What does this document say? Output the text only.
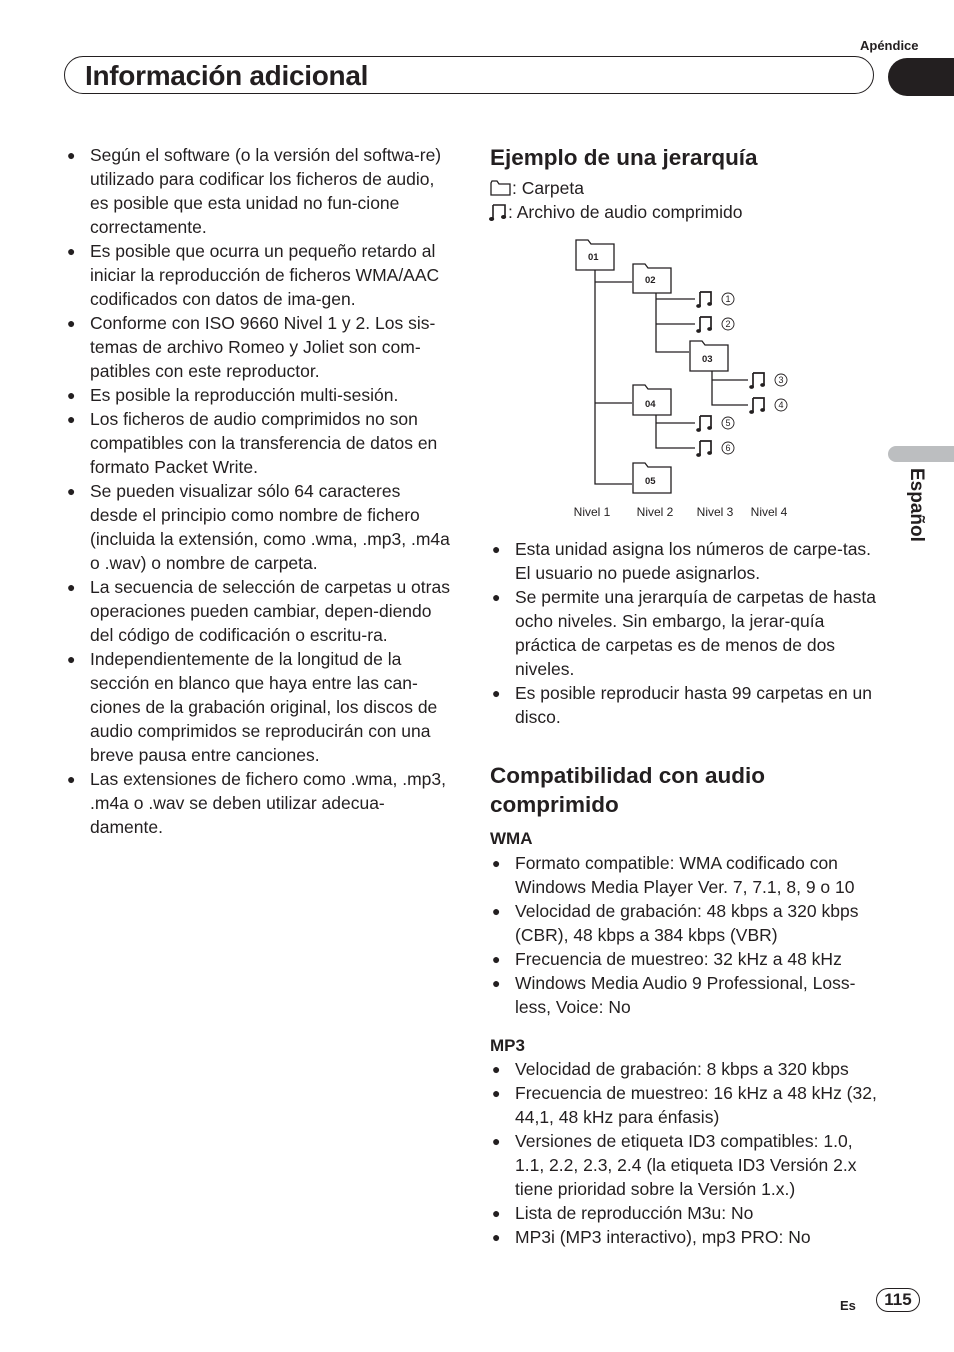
Apéndice
Información adicional
Español
● Según el software (o la versión del softwa-re) utilizado para codificar los ficheros de audio, es posible que esta unidad no fun-cione correctamente.
● Es posible que ocurra un pequeño retardo al iniciar la reproducción de ficheros WMA/AAC codificados con datos de ima-gen.
● Conforme con ISO 9660 Nivel 1 y 2. Los sis-temas de archivo Romeo y Joliet son com-patibles con este reproductor.
● Es posible la reproducción multi-sesión.
● Los ficheros de audio comprimidos no son compatibles con la transferencia de datos en formato Packet Write.
● Se pueden visualizar sólo 64 caracteres desde el principio como nombre de fichero (incluida la extensión, como .wma, .mp3, .m4a o .wav) o nombre de carpeta.
● La secuencia de selección de carpetas u otras operaciones pueden cambiar, depen-diendo del código de codificación o escritu-ra.
● Independientemente de la longitud de la sección en blanco que haya entre las can-ciones de la grabación original, los discos de audio comprimidos se reproducirán con una breve pausa entre canciones.
● Las extensiones de fichero como .wma, .mp3, .m4a o .wav se deben utilizar adecua-damente.
Ejemplo de una jerarquía
: Carpeta
: Archivo de audio comprimido
01
02
03
04
05
1
2
3
4
5
6
Nivel 1 Nivel 2 Nivel 3 Nivel 4
● Esta unidad asigna los números de carpe-tas. El usuario no puede asignarlos.
● Se permite una jerarquía de carpetas de hasta ocho niveles. Sin embargo, la jerar-quía práctica de carpetas es de menos de dos niveles.
● Es posible reproducir hasta 99 carpetas en un disco.
Compatibilidad con audio
comprimido
WMA
● Formato compatible: WMA codificado con Windows Media Player Ver. 7, 7.1, 8, 9 o 10
● Velocidad de grabación: 48 kbps a 320 kbps (CBR), 48 kbps a 384 kbps (VBR)
● Frecuencia de muestreo: 32 kHz a 48 kHz
● Windows Media Audio 9 Professional, Loss-less, Voice: No
MP3
● Velocidad de grabación: 8 kbps a 320 kbps
● Frecuencia de muestreo: 16 kHz a 48 kHz (32, 44,1, 48 kHz para énfasis)
● Versiones de etiqueta ID3 compatibles: 1.0, 1.1, 2.2, 2.3, 2.4 (la etiqueta ID3 Versión 2.x tiene prioridad sobre la Versión 1.x.)
● Lista de reproducción M3u: No
● MP3i (MP3 interactivo), mp3 PRO: No
Es	115
